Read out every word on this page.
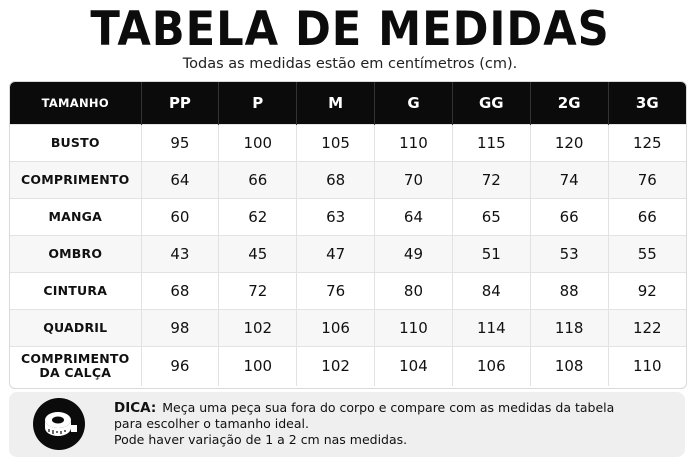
TABELA DE MEDIDAS
Todas as medidas estão em centímetros (cm).
TAMANHO	PP	P	M	G	GG	2G	3G
BUSTO	95	100	105	110	115	120	125
COMPRIMENTO	64	66	68	70	72	74	76
MANGA	60	62	63	64	65	66	66
OMBRO	43	45	47	49	51	53	55
CINTURA	68	72	76	80	84	88	92
QUADRIL	98	102	106	110	114	118	122

COMPRIMENTO
DA CALÇA	96	100	102	104	106	108	110
DICA: Meça uma peça sua fora do corpo e compare com as medidas da tabela
para escolher o tamanho ideal.
Pode haver variação de 1 a 2 cm nas medidas.
